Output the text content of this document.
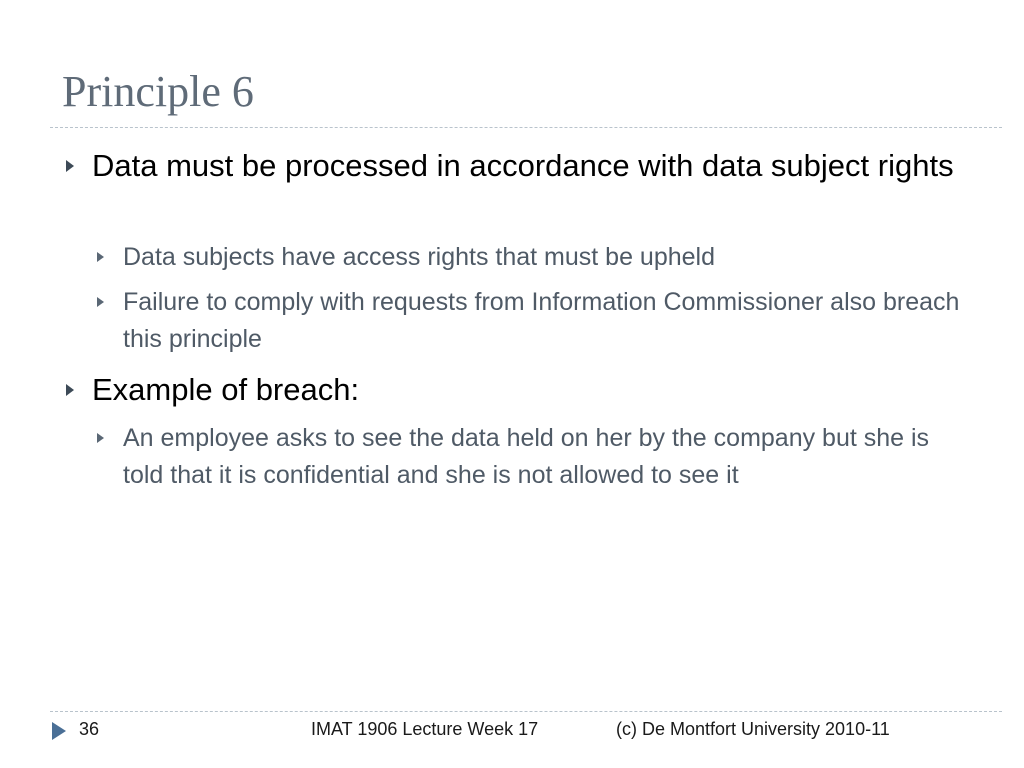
Principle 6
Data must be processed in accordance with data subject rights
Data subjects have access rights that must be upheld
Failure to comply with requests from Information Commissioner also breach this principle
Example of breach:
An employee asks to see the data held on her by the company but she is told that it is confidential and she is not allowed to see it
36	IMAT 1906 Lecture Week 17	(c) De Montfort University 2010-11
